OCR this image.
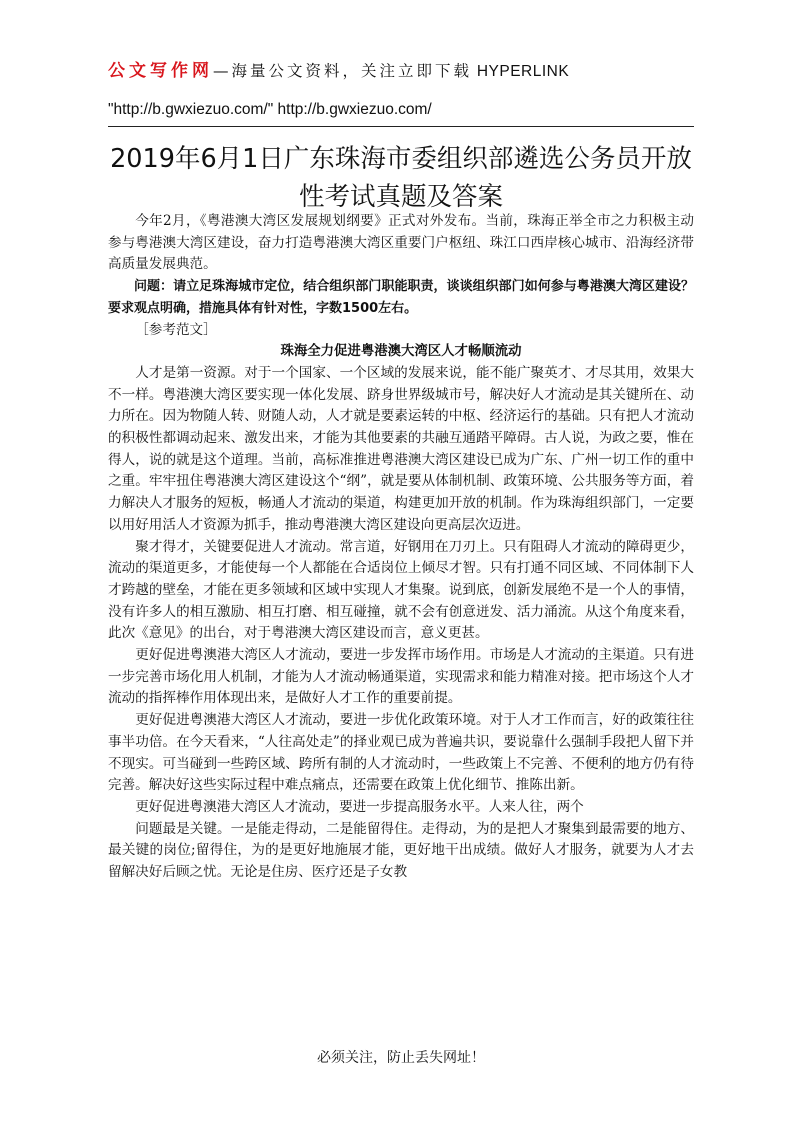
公文写作网—海量公文资料，关注立即下载 HYPERLINK
"http://b.gwxiezuo.com/" http://b.gwxiezuo.com/
2019年6月1日广东珠海市委组织部遴选公务员开放性考试真题及答案

今年2月，《粤港澳大湾区发展规划纲要》正式对外发布。当前，珠海正举全市之力积极主动参与粤港澳大湾区建设，奋力打造粤港澳大湾区重要门户枢纽、珠江口西岸核心城市、沿海经济带高质量发展典范。

问题：请立足珠海城市定位，结合组织部门职能职责，谈谈组织部门如何参与粤港澳大湾区建设？要求观点明确，措施具体有针对性，字数1500左右。

［参考范文］

珠海全力促进粤港澳大湾区人才畅顺流动

人才是第一资源。对于一个国家、一个区域的发展来说，能不能广聚英才、才尽其用，效果大不一样。粤港澳大湾区要实现一体化发展、跻身世界级城市号，解决好人才流动是其关键所在、动力所在。因为物随人转、财随人动，人才就是要素运转的中枢、经济运行的基础。只有把人才流动的积极性都调动起来、激发出来，才能为其他要素的共融互通踏平障碍。古人说，为政之要，惟在得人，说的就是这个道理。当前，高标准推进粤港澳大湾区建设已成为广东、广州一切工作的重中之重。牢牢扭住粤港澳大湾区建设这个“纲”，就是要从体制机制、政策环境、公共服务等方面，着力解决人才服务的短板，畅通人才流动的渠道，构建更加开放的机制。作为珠海组织部门，一定要以用好用活人才资源为抓手，推动粤港澳大湾区建设向更高层次迈进。

聚才得才，关键要促进人才流动。常言道，好钢用在刀刃上。只有阻碍人才流动的障碍更少，流动的渠道更多，才能使每一个人都能在合适岗位上倾尽才智。只有打通不同区域、不同体制下人才跨越的壁垒，才能在更多领域和区域中实现人才集聚。说到底，创新发展绝不是一个人的事情，没有许多人的相互激励、相互打磨、相互碰撞，就不会有创意迸发、活力涌流。从这个角度来看，此次《意见》的出台，对于粤港澳大湾区建设而言，意义更甚。

更好促进粤澳港大湾区人才流动，要进一步发挥市场作用。市场是人才流动的主渠道。只有进一步完善市场化用人机制，才能为人才流动畅通渠道，实现需求和能力精准对接。把市场这个人才流动的指挥棒作用体现出来，是做好人才工作的重要前提。

更好促进粤澳港大湾区人才流动，要进一步优化政策环境。对于人才工作而言，好的政策往往事半功倍。在今天看来，“人往高处走”的择业观已成为普遍共识，要说靠什么强制手段把人留下并不现实。可当碰到一些跨区域、跨所有制的人才流动时，一些政策上不完善、不便利的地方仍有待完善。解决好这些实际过程中难点痛点，还需要在政策上优化细节、推陈出新。

更好促进粤澳港大湾区人才流动，要进一步提高服务水平。人来人往，两个

问题最是关键。一是能走得动，二是能留得住。走得动，为的是把人才聚集到最需要的地方、最关键的岗位;留得住，为的是更好地施展才能，更好地干出成绩。做好人才服务，就要为人才去留解决好后顾之忧。无论是住房、医疗还是子女教

必须关注，防止丢失网址！
